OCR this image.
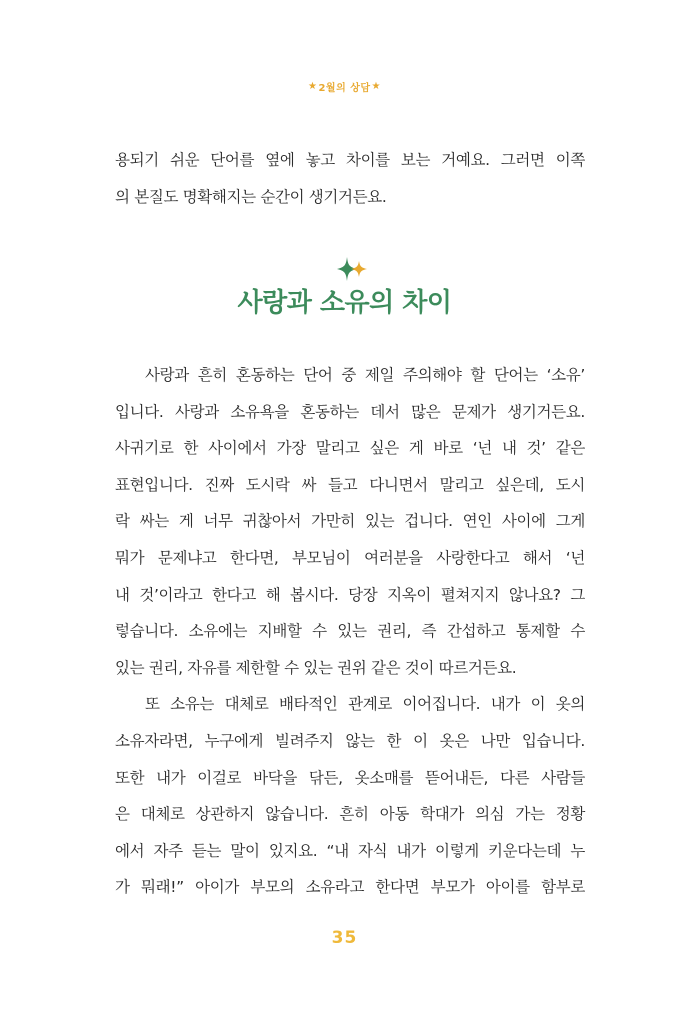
★ 2월의 상담 ★
용되기 쉬운 단어를 옆에 놓고 차이를 보는 거예요. 그러면 이쪽
의 본질도 명확해지는 순간이 생기거든요.
사랑과 소유의 차이
사랑과 흔히 혼동하는 단어 중 제일 주의해야 할 단어는 ‘소유’
입니다. 사랑과 소유욕을 혼동하는 데서 많은 문제가 생기거든요.
사귀기로 한 사이에서 가장 말리고 싶은 게 바로 ‘넌 내 것’ 같은
표현입니다. 진짜 도시락 싸 들고 다니면서 말리고 싶은데, 도시
락 싸는 게 너무 귀찮아서 가만히 있는 겁니다. 연인 사이에 그게
뭐가 문제냐고 한다면, 부모님이 여러분을 사랑한다고 해서 ‘넌
내 것’이라고 한다고 해 봅시다. 당장 지옥이 펼쳐지지 않나요? 그
렇습니다. 소유에는 지배할 수 있는 권리, 즉 간섭하고 통제할 수
있는 권리, 자유를 제한할 수 있는 권위 같은 것이 따르거든요.
또 소유는 대체로 배타적인 관계로 이어집니다. 내가 이 옷의
소유자라면, 누구에게 빌려주지 않는 한 이 옷은 나만 입습니다.
또한 내가 이걸로 바닥을 닦든, 옷소매를 뜯어내든, 다른 사람들
은 대체로 상관하지 않습니다. 흔히 아동 학대가 의심 가는 정황
에서 자주 듣는 말이 있지요. “내 자식 내가 이렇게 키운다는데 누
가 뭐래!” 아이가 부모의 소유라고 한다면 부모가 아이를 함부로
35
